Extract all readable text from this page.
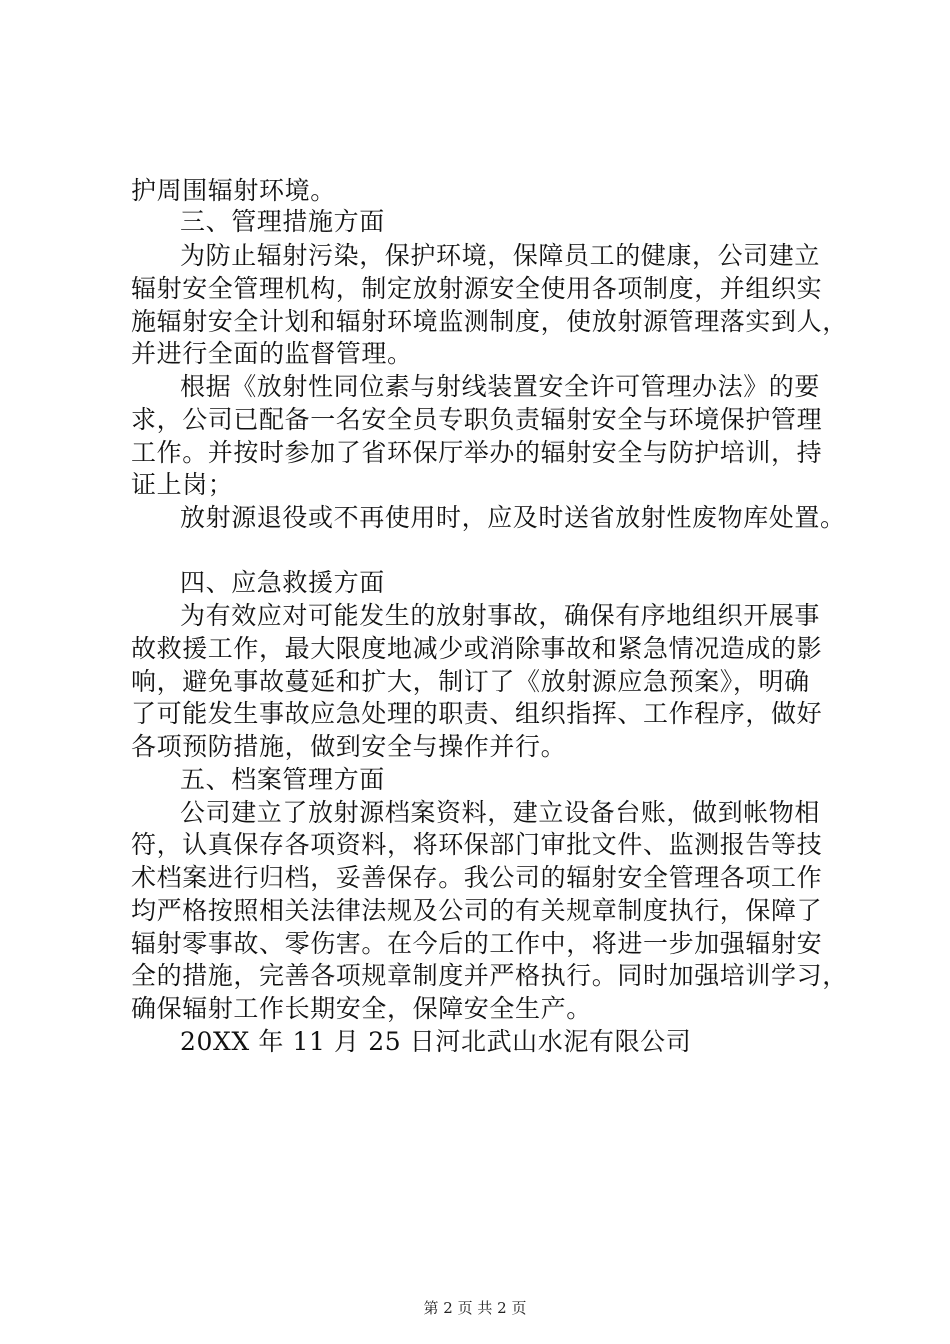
护周围辐射环境。
三、管理措施方面
为防止辐射污染，保护环境，保障员工的健康，公司建立
辐射安全管理机构，制定放射源安全使用各项制度，并组织实
施辐射安全计划和辐射环境监测制度，使放射源管理落实到人，
并进行全面的监督管理。
根据《放射性同位素与射线装置安全许可管理办法》的要
求，公司已配备一名安全员专职负责辐射安全与环境保护管理
工作。并按时参加了省环保厅举办的辐射安全与防护培训，持
证上岗；
放射源退役或不再使用时，应及时送省放射性废物库处置。
四、应急救援方面
为有效应对可能发生的放射事故，确保有序地组织开展事
故救援工作，最大限度地减少或消除事故和紧急情况造成的影
响，避免事故蔓延和扩大，制订了《放射源应急预案》，明确
了可能发生事故应急处理的职责、组织指挥、工作程序，做好
各项预防措施，做到安全与操作并行。
五、档案管理方面
公司建立了放射源档案资料，建立设备台账，做到帐物相
符，认真保存各项资料，将环保部门审批文件、监测报告等技
术档案进行归档，妥善保存。我公司的辐射安全管理各项工作
均严格按照相关法律法规及公司的有关规章制度执行，保障了
辐射零事故、零伤害。在今后的工作中，将进一步加强辐射安
全的措施，完善各项规章制度并严格执行。同时加强培训学习，
确保辐射工作长期安全，保障安全生产。
20XX 年 11 月 25 日河北武山水泥有限公司
第 2 页 共 2 页
